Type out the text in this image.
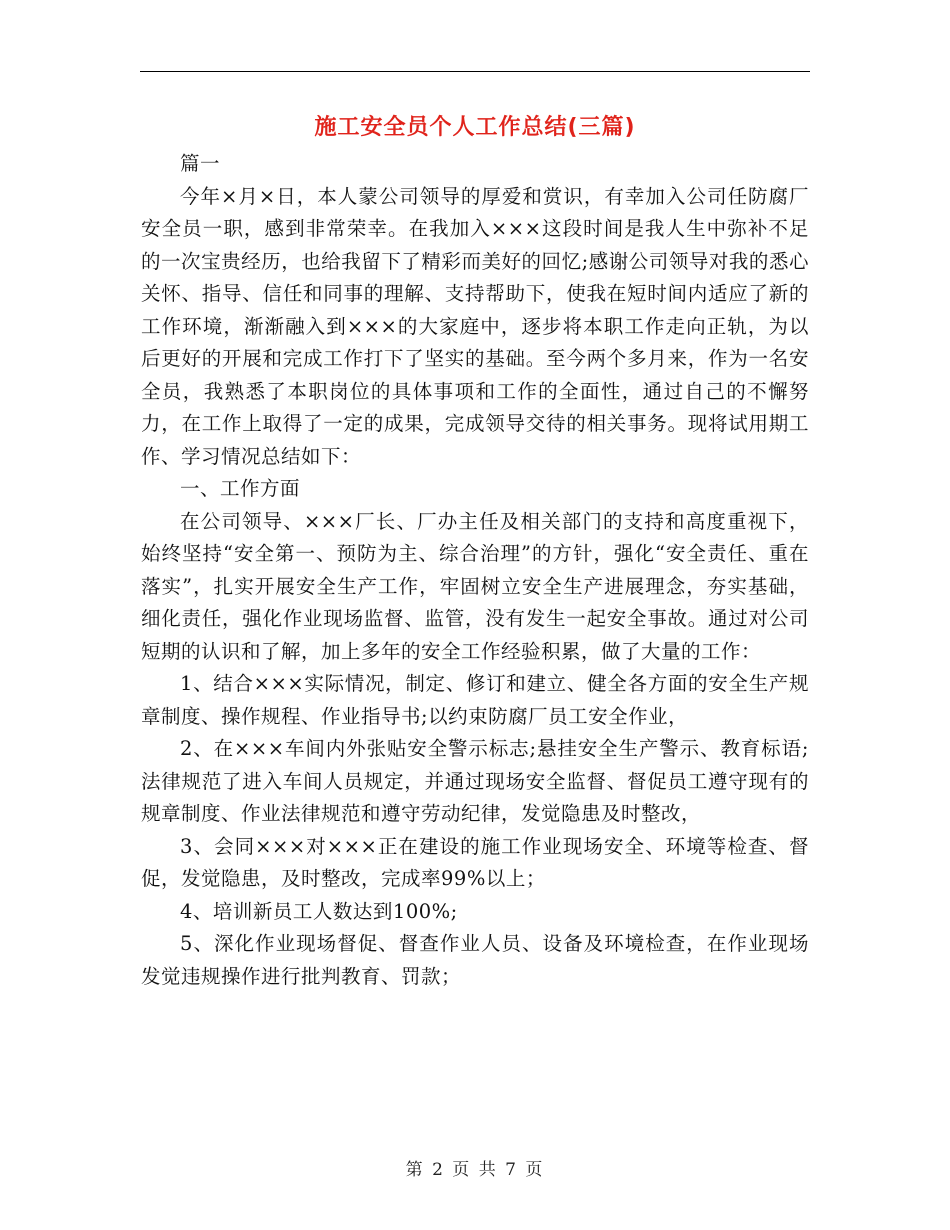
施工安全员个人工作总结(三篇)

篇一

今年×月×日，本人蒙公司领导的厚爱和赏识，有幸加入公司任防腐厂安全员一职，感到非常荣幸。在我加入×××这段时间是我人生中弥补不足的一次宝贵经历，也给我留下了精彩而美好的回忆;感谢公司领导对我的悉心关怀、指导、信任和同事的理解、支持帮助下，使我在短时间内适应了新的工作环境，渐渐融入到×××的大家庭中，逐步将本职工作走向正轨，为以后更好的开展和完成工作打下了坚实的基础。至今两个多月来，作为一名安全员，我熟悉了本职岗位的具体事项和工作的全面性，通过自己的不懈努力，在工作上取得了一定的成果，完成领导交待的相关事务。现将试用期工作、学习情况总结如下：

一、工作方面

在公司领导、×××厂长、厂办主任及相关部门的支持和高度重视下，始终坚持“安全第一、预防为主、综合治理”的方针，强化“安全责任、重在落实”，扎实开展安全生产工作，牢固树立安全生产进展理念，夯实基础，细化责任，强化作业现场监督、监管，没有发生一起安全事故。通过对公司短期的认识和了解，加上多年的安全工作经验积累，做了大量的工作：

1、结合×××实际情况，制定、修订和建立、健全各方面的安全生产规章制度、操作规程、作业指导书;以约束防腐厂员工安全作业，

2、在×××车间内外张贴安全警示标志;悬挂安全生产警示、教育标语;法律规范了进入车间人员规定，并通过现场安全监督、督促员工遵守现有的规章制度、作业法律规范和遵守劳动纪律，发觉隐患及时整改，

3、会同×××对×××正在建设的施工作业现场安全、环境等检查、督促，发觉隐患，及时整改，完成率99%以上；

4、培训新员工人数达到100%;

5、深化作业现场督促、督查作业人员、设备及环境检查，在作业现场发觉违规操作进行批判教育、罚款；

第 2 页 共 7 页
